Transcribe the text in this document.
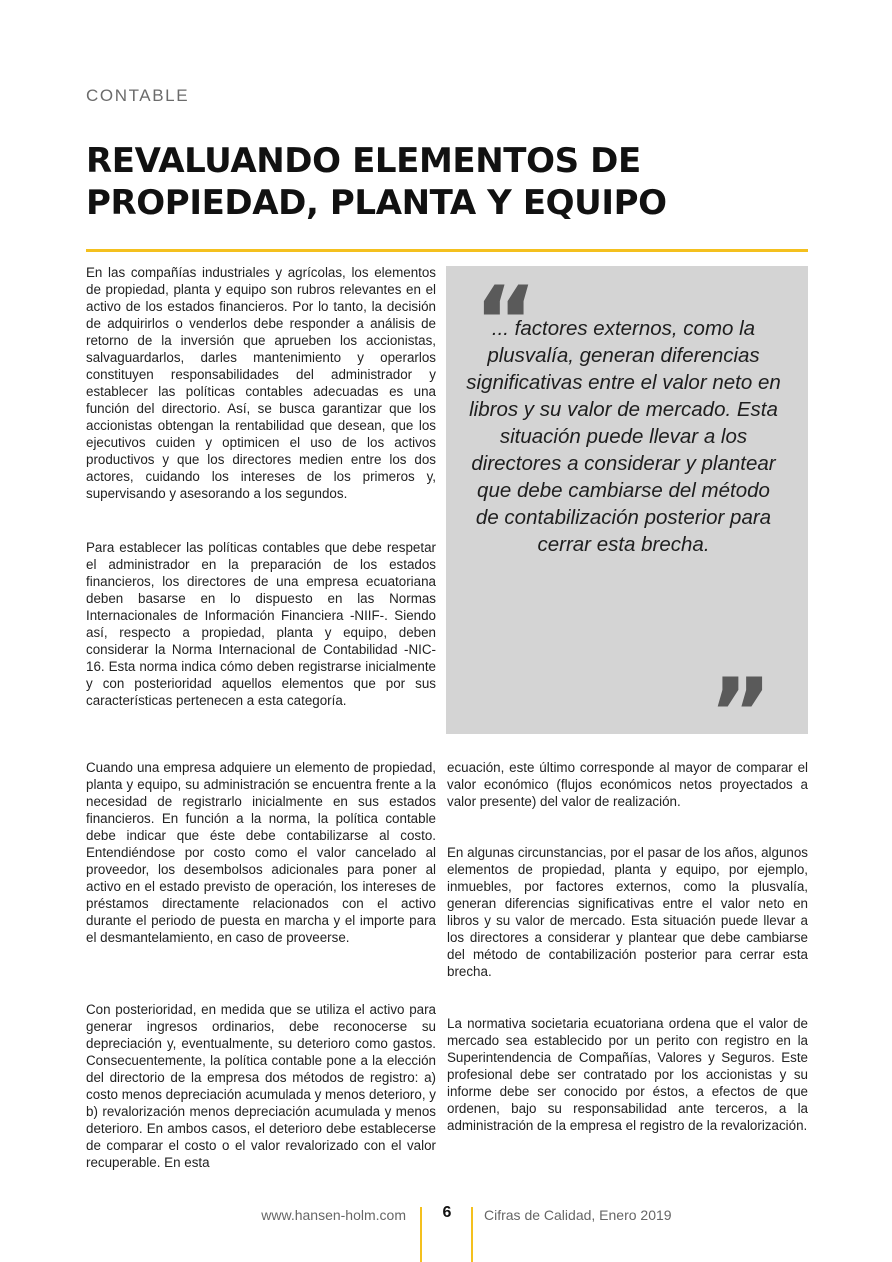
CONTABLE
REVALUANDO ELEMENTOS DE PROPIEDAD, PLANTA Y EQUIPO

En las compañías industriales y agrícolas, los elementos de propiedad, planta y equipo son rubros relevantes en el activo de los estados financieros. Por lo tanto, la decisión de adquirirlos o venderlos debe responder a análisis de retorno de la inversión que aprueben los accionistas, salvaguardarlos, darles mantenimiento y operarlos constituyen responsabilidades del administrador y establecer las políticas contables adecuadas es una función del directorio. Así, se busca garantizar que los accionistas obtengan la rentabilidad que desean, que los ejecutivos cuiden y optimicen el uso de los activos productivos y que los directores medien entre los dos actores, cuidando los intereses de los primeros y, supervisando y asesorando a los segundos.

Para establecer las políticas contables que debe respetar el administrador en la preparación de los estados financieros, los directores de una empresa ecuatoriana deben basarse en lo dispuesto en las Normas Internacionales de Información Financiera -NIIF-. Siendo así, respecto a propiedad, planta y equipo, deben considerar la Norma Internacional de Contabilidad -NIC- 16. Esta norma indica cómo deben registrarse inicialmente y con posterioridad aquellos elementos que por sus características pertenecen a esta categoría.

Cuando una empresa adquiere un elemento de propiedad, planta y equipo, su administración se encuentra frente a la necesidad de registrarlo inicialmente en sus estados financieros. En función a la norma, la política contable debe indicar que éste debe contabilizarse al costo. Entendiéndose por costo como el valor cancelado al proveedor, los desembolsos adicionales para poner al activo en el estado previsto de operación, los intereses de préstamos directamente relacionados con el activo durante el periodo de puesta en marcha y el importe para el desmantelamiento, en caso de proveerse.

Con posterioridad, en medida que se utiliza el activo para generar ingresos ordinarios, debe reconocerse su depreciación y, eventualmente, su deterioro como gastos. Consecuentemente, la política contable pone a la elección del directorio de la empresa dos métodos de registro: a) costo menos depreciación acumulada y menos deterioro, y b) revalorización menos depreciación acumulada y menos deterioro. En ambos casos, el deterioro debe establecerse de comparar el costo o el valor revalorizado con el valor recuperable. En esta

“

... factores externos, como la plusvalía, generan diferencias significativas entre el valor neto en libros y su valor de mercado. Esta situación puede llevar a los directores a considerar y plantear que debe cambiarse del método de contabilización posterior para cerrar esta brecha.

”

ecuación, este último corresponde al mayor de comparar el valor económico (flujos económicos netos proyectados a valor presente) del valor de realización.

En algunas circunstancias, por el pasar de los años, algunos elementos de propiedad, planta y equipo, por ejemplo, inmuebles, por factores externos, como la plusvalía, generan diferencias significativas entre el valor neto en libros y su valor de mercado. Esta situación puede llevar a los directores a considerar y plantear que debe cambiarse del método de contabilización posterior para cerrar esta brecha.

La normativa societaria ecuatoriana ordena que el valor de mercado sea establecido por un perito con registro en la Superintendencia de Compañías, Valores y Seguros. Este profesional debe ser contratado por los accionistas y su informe debe ser conocido por éstos, a efectos de que ordenen, bajo su responsabilidad ante terceros, a la administración de la empresa el registro de la revalorización.

www.hansen-holm.com	6	Cifras de Calidad, Enero 2019
